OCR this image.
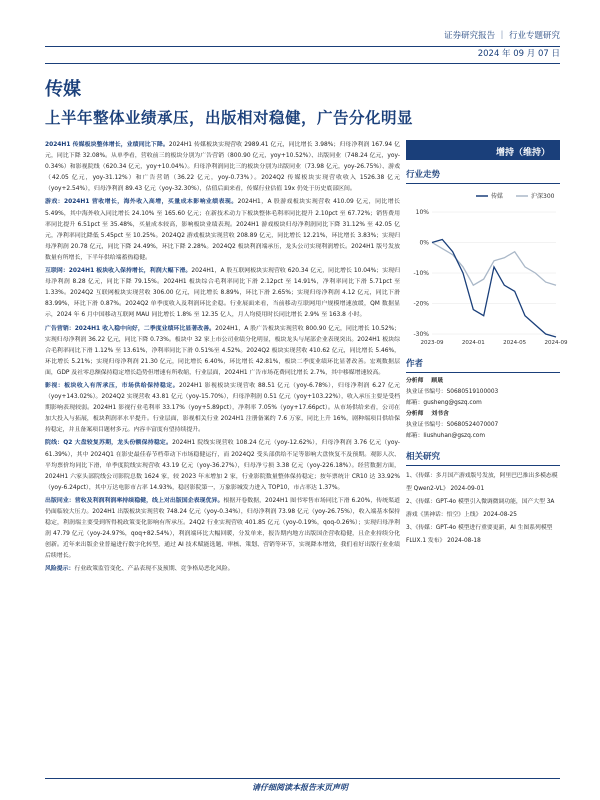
证券研究报告 ｜ 行业专题研究
2024 年 09 月 07 日
传媒
上半年整体业绩承压，出版相对稳健，广告分化明显

2024H1 传媒板块整体增长，业绩同比下降。2024H1 传媒板块实现营收 2989.41 亿元，同比增长 3.98%；归母净利润 167.94 亿元，同比下降 32.08%。从单季看，营收前三的板块分别为广告营销（800.90 亿元，yoy+10.52%）、出版同业（748.24 亿元，yoy-0.34%）和影视院线（620.34 亿元，yoy+10.04%）。归母净利润同比三的板块分别为出版同业（73.98 亿元，yoy-26.75%）、游戏（42.05 亿元，yoy-31.12%）和广告营销（36.22 亿元，yoy-0.73%）。2024Q2 传媒板块实现营收收入 1526.38 亿元（yoy+2.54%），归母净利润 89.43 亿元（yoy-32.30%），估值后面来看，传媒行业估值 19x 仍处于历史底部区间。

游戏：2024H1 营收增长，海外收入高增，买量成本影响业绩表现。2024H1，A 股游戏板块实现营收 410.09 亿元，同比增长 5.49%，其中海外收入同比增长 24.10% 至 165.60 亿元；在新技术动力下板块整体毛利率同比提升 2.10pct 至 67.72%；销售费用率同比提升 6.51pct 至 35.48%，买量成本较高，影响板块业绩表现。2024H1 游戏板块归母净利润同比下降 31.12% 至 42.05 亿元，净利率同比降低 5.45pct 至 10.25%。2024Q2 游戏板块实现营收 208.89 亿元，同比增长 12.21%，环比增长 3.83%；实现归母净利润 20.78 亿元，同比下降 24.49%，环比下降 2.28%。2024Q2 板块利润端承压，龙头公司实现利润增长。2024H1 版号发放数量有所增长，下半年供给端蓄热稳健。

互联网：2024H1 板块收入保持增长，利润大幅下滑。2024H1，A 股互联网板块实现营收 620.34 亿元，同比增长 10.04%；实现归母净利润 8.28 亿元，同比下降 79.15%。2024H1 板块综合毛利率同比下滑 2.12pct 至 14.91%，净利率同比下滑 5.71pct 至 1.33%。2024Q2 互联网板块实现营收 306.00 亿元，同比增长 8.89%，环比下滑 2.65%；实现归母净利润 4.12 亿元，同比下滑 83.99%，环比下滑 0.87%。2024Q2 单季度收入及利润环比企稳。行业展面来看，当前移动互联网用户规模增速放缓，QM 数据显示，2024 年 6 月中国移动互联网 MAU 同比增长 1.8% 至 12.35 亿人，月人均使用时长同比增长 2.9% 至 163.8 小时。

广告营销：2024H1 收入稳中向好，二季度业绩环比显著改善。2024H1，A 股广告板块实现营收 800.90 亿元，同比增长 10.52%；实现归母净利润 36.22 亿元，同比下降 0.73%。板块中 32 家上市公司业绩分化明显，板块龙头与尾部企业表现突出。2024H1 板块综合毛利率同比下滑 1.12% 至 13.61%，净利率同比下滑 0.51%至 4.52%。2024Q2 板块实现营收 410.62 亿元，同比增长 5.46%，环比增长 5.21%；实现归母净利润 21.30 亿元，同比增长 6.40%，环比增长 42.81%，板块二季度业绩环比显著改善。宏观数据层面，GDP 及社零总额保持稳定增长趋势但增速有所收缩，行业层面，2024H1 广告市场花费同比增长 2.7%，其中移媒增速较高。

影视：板块收入有所承压，市场供给保持稳定。2024H1 影视板块实现营收 88.51 亿元（yoy-6.78%），归母净利润 6.27 亿元（yoy+143.02%）。2024Q2 实现营收 43.81 亿元（yoy-15.70%），归母净利润 0.51 亿元（yoy+103.22%），收入承压主要是受档期影响表现较弱。2024H1 影视行业毛利率 33.17%（yoy+5.89pct），净利率 7.05%（yoy+17.66pct）。从市场供给来看，公司在加大投入与拓展，板块利润率水平提升。行业层面，影视相关行业 2024H1 注册备案约 7.6 万家，同比上升 16%，剧种端项目供给保持稳定，并且备案项目题材多元。内容丰富度有望持续提升。

院线：Q2 大盘较复苏期，龙头份额保持稳定。2024H1 院线实现营收 108.24 亿元（yoy-12.62%），归母净利润 3.76 亿元（yoy-61.39%），其中 2024Q1 在影史最佳春节档带动下市场稳健运行，而 2024Q2 受头部供给不足等影响大盘恢复不及预期。观影人次、平均票价均同比下滑，单季度院线实现营收 43.19 亿元（yoy-36.27%），归母净亏损 3.38 亿元（yoy-226.18%）。经营数据方面，2024H1 六家头部院线公司影院总数 1624 家，较 2023 年末增加 2 家，行业影院数量整体保持稳定；按年票统计 CR10 达 33.92%（yoy-6.24pct），其中万达电影市占率 14.93%，稳居影院第一，万象影城发力进入 TOP10，市占率达 1.37%。

出版同业：营收及利润利润率持续稳健，线上对出版国企表现优异。根据开卷数据，2024H1 图书零售市场同比下滑 6.20%，传统渠道仍面临较大压力。2024H1 出版板块实现营收 748.24 亿元（yoy-0.34%），归母净利润 73.98 亿元（yoy-26.75%），收入端基本保持稳定，利润端主要受到所得税政策变化影响有所承压。24Q2 行业实现营收 401.85 亿元（yoy-0.19%，qoq-0.26%）；实现归母净利润 47.79 亿元（yoy-24.97%，qoq+82.54%），利润端环比大幅回暖，分发单来，报告期内地方出版国企营收稳健，且企业持续分化创新。近年来出版企业普遍进行数字化转型，通过 AI 技术赋能选题、审核、策划、营销等环节，实现降本增效，我们看好出版行业业绩后续增长。

风险提示：行业政策监管变化、产品表现不及预期、竞争格局恶化风险。

增持（维持）
行业走势
传媒	沪深300
10%
0%
-10%
-20%
-30%
2023-09	2024-01	2024-05	2024-09
作者
分析师 顾晟
执业证书编号：S0680519100003
邮箱：gusheng@gszq.com
分析师 刘书含
执业证书编号：S0680524070007
邮箱：liushuhan@gszq.com
相关研究
1、《传媒：多月国产游戏版号发放，阿里巴巴推出多模态模型 Qwen2-VL》 2024-09-01
2、《传媒：GPT-4o 模型引入微调微调功能，国产大型 3A 游戏《黑神话：悟空》上线》 2024-08-25
3、《传媒：GPT-4o 模型进行重要更新，AI 生图系列模型 FLUX.1 发布》 2024-08-18
请仔细阅读本报告末页声明
